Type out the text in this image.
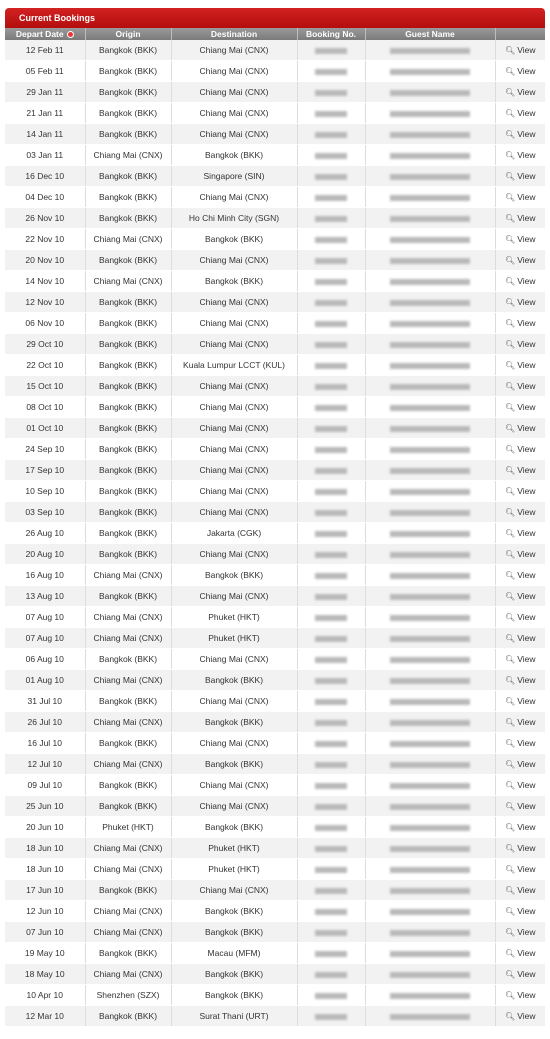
Current Bookings
Depart Date	Origin	Destination	Booking No.	Guest Name	
12 Feb 11	Bangkok (BKK)	Chiang Mai (CNX)			🔍︎ View
05 Feb 11	Bangkok (BKK)	Chiang Mai (CNX)			🔍︎ View
29 Jan 11	Bangkok (BKK)	Chiang Mai (CNX)			🔍︎ View
21 Jan 11	Bangkok (BKK)	Chiang Mai (CNX)			🔍︎ View
14 Jan 11	Bangkok (BKK)	Chiang Mai (CNX)			🔍︎ View
03 Jan 11	Chiang Mai (CNX)	Bangkok (BKK)			🔍︎ View
16 Dec 10	Bangkok (BKK)	Singapore (SIN)			🔍︎ View
04 Dec 10	Bangkok (BKK)	Chiang Mai (CNX)			🔍︎ View
26 Nov 10	Bangkok (BKK)	Ho Chi Minh City (SGN)			🔍︎ View
22 Nov 10	Chiang Mai (CNX)	Bangkok (BKK)			🔍︎ View
20 Nov 10	Bangkok (BKK)	Chiang Mai (CNX)			🔍︎ View
14 Nov 10	Chiang Mai (CNX)	Bangkok (BKK)			🔍︎ View
12 Nov 10	Bangkok (BKK)	Chiang Mai (CNX)			🔍︎ View
06 Nov 10	Bangkok (BKK)	Chiang Mai (CNX)			🔍︎ View
29 Oct 10	Bangkok (BKK)	Chiang Mai (CNX)			🔍︎ View
22 Oct 10	Bangkok (BKK)	Kuala Lumpur LCCT (KUL)			🔍︎ View
15 Oct 10	Bangkok (BKK)	Chiang Mai (CNX)			🔍︎ View
08 Oct 10	Bangkok (BKK)	Chiang Mai (CNX)			🔍︎ View
01 Oct 10	Bangkok (BKK)	Chiang Mai (CNX)			🔍︎ View
24 Sep 10	Bangkok (BKK)	Chiang Mai (CNX)			🔍︎ View
17 Sep 10	Bangkok (BKK)	Chiang Mai (CNX)			🔍︎ View
10 Sep 10	Bangkok (BKK)	Chiang Mai (CNX)			🔍︎ View
03 Sep 10	Bangkok (BKK)	Chiang Mai (CNX)			🔍︎ View
26 Aug 10	Bangkok (BKK)	Jakarta (CGK)			🔍︎ View
20 Aug 10	Bangkok (BKK)	Chiang Mai (CNX)			🔍︎ View
16 Aug 10	Chiang Mai (CNX)	Bangkok (BKK)			🔍︎ View
13 Aug 10	Bangkok (BKK)	Chiang Mai (CNX)			🔍︎ View
07 Aug 10	Chiang Mai (CNX)	Phuket (HKT)			🔍︎ View
07 Aug 10	Chiang Mai (CNX)	Phuket (HKT)			🔍︎ View
06 Aug 10	Bangkok (BKK)	Chiang Mai (CNX)			🔍︎ View
01 Aug 10	Chiang Mai (CNX)	Bangkok (BKK)			🔍︎ View
31 Jul 10	Bangkok (BKK)	Chiang Mai (CNX)			🔍︎ View
26 Jul 10	Chiang Mai (CNX)	Bangkok (BKK)			🔍︎ View
16 Jul 10	Bangkok (BKK)	Chiang Mai (CNX)			🔍︎ View
12 Jul 10	Chiang Mai (CNX)	Bangkok (BKK)			🔍︎ View
09 Jul 10	Bangkok (BKK)	Chiang Mai (CNX)			🔍︎ View
25 Jun 10	Bangkok (BKK)	Chiang Mai (CNX)			🔍︎ View
20 Jun 10	Phuket (HKT)	Bangkok (BKK)			🔍︎ View
18 Jun 10	Chiang Mai (CNX)	Phuket (HKT)			🔍︎ View
18 Jun 10	Chiang Mai (CNX)	Phuket (HKT)			🔍︎ View
17 Jun 10	Bangkok (BKK)	Chiang Mai (CNX)			🔍︎ View
12 Jun 10	Chiang Mai (CNX)	Bangkok (BKK)			🔍︎ View
07 Jun 10	Chiang Mai (CNX)	Bangkok (BKK)			🔍︎ View
19 May 10	Bangkok (BKK)	Macau (MFM)			🔍︎ View
18 May 10	Chiang Mai (CNX)	Bangkok (BKK)			🔍︎ View
10 Apr 10	Shenzhen (SZX)	Bangkok (BKK)			🔍︎ View
12 Mar 10	Bangkok (BKK)	Surat Thani (URT)			🔍︎ View
